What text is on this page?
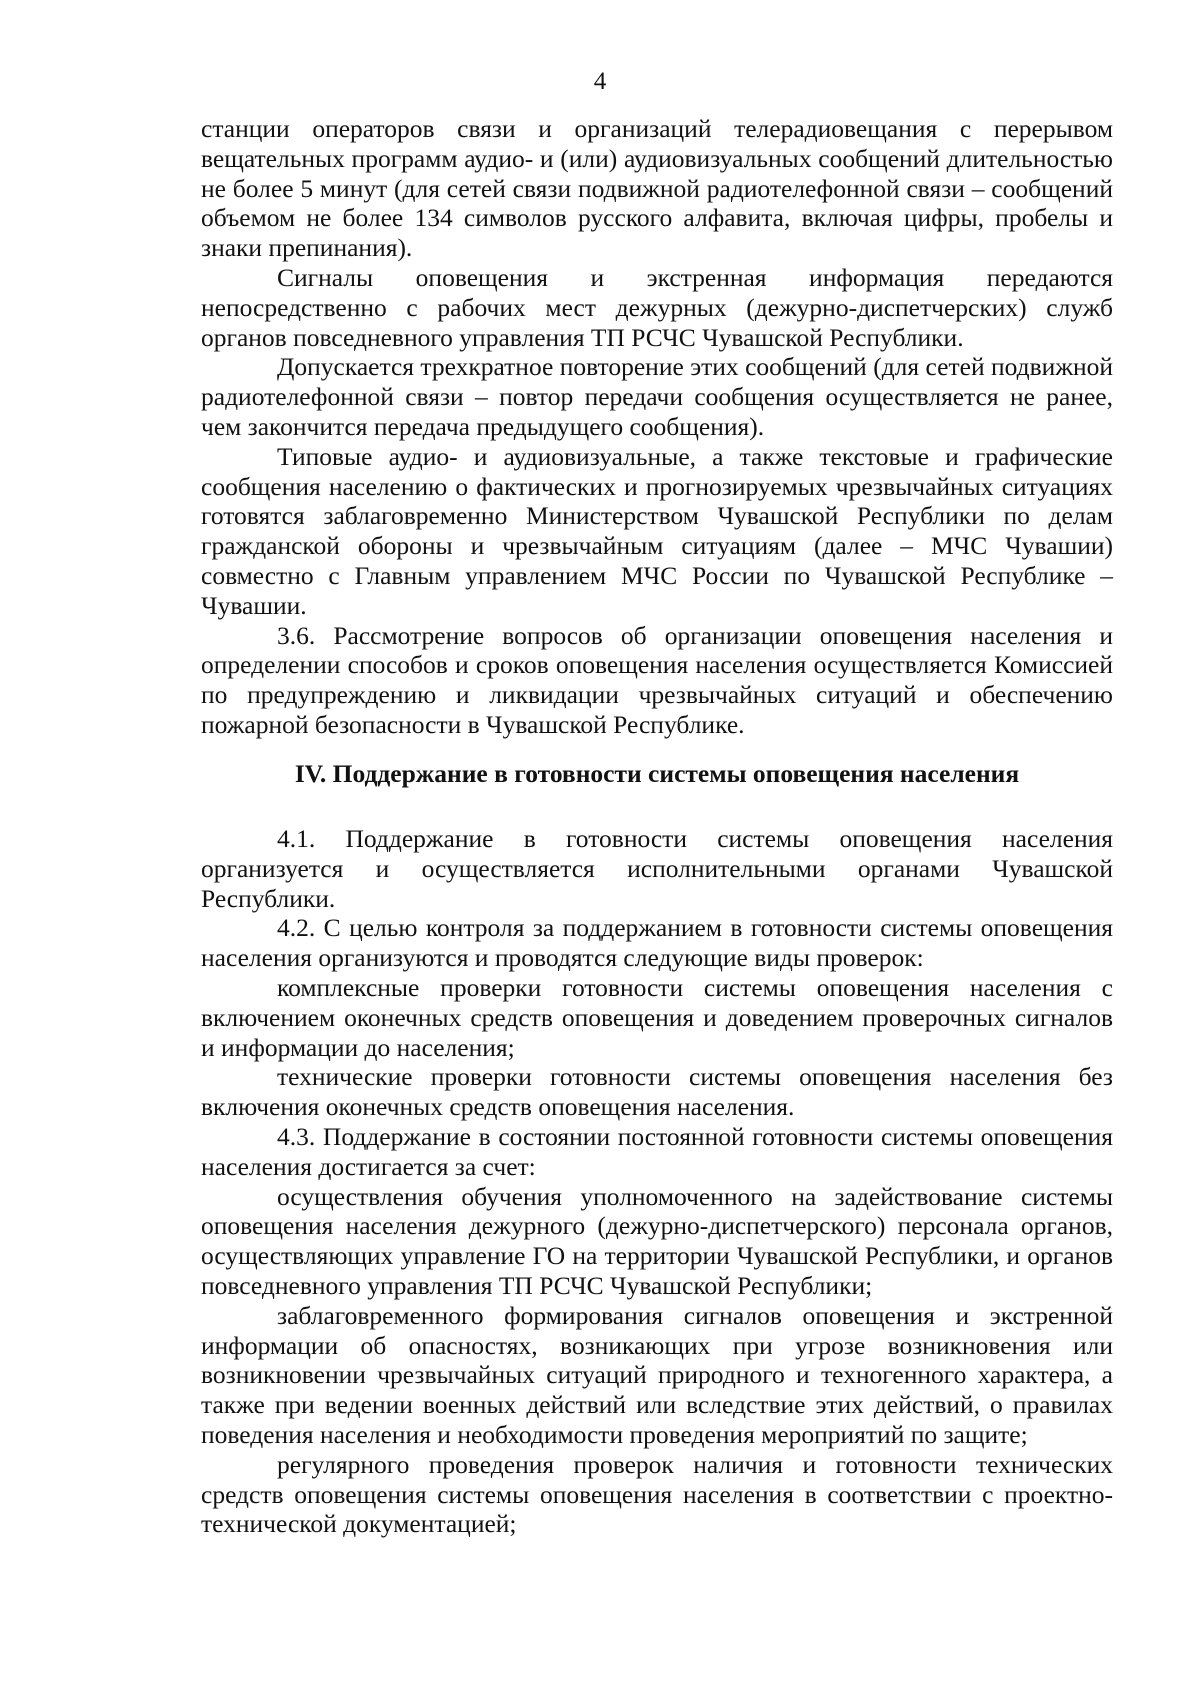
4

станции операторов связи и организаций телерадиовещания с перерывом вещательных программ аудио- и (или) аудиовизуальных сообщений длительностью не более 5 минут (для сетей связи подвижной радиотелефонной связи – сообщений объемом не более 134 символов русского алфавита, включая цифры, пробелы и знаки препинания).

Сигналы оповещения и экстренная информация передаются непосредственно с рабочих мест дежурных (дежурно-диспетчерских) служб органов повседневного управления ТП РСЧС Чувашской Республики.

Допускается трехкратное повторение этих сообщений (для сетей подвижной радиотелефонной связи – повтор передачи сообщения осуществляется не ранее, чем закончится передача предыдущего сообщения).

Типовые аудио- и аудиовизуальные, а также текстовые и графические сообщения населению о фактических и прогнозируемых чрезвычайных ситуациях готовятся заблаговременно Министерством Чувашской Республики по делам гражданской обороны и чрезвычайным ситуациям (далее – МЧС Чувашии) совместно с Главным управлением МЧС России по Чувашской Республике – Чувашии.

3.6. Рассмотрение вопросов об организации оповещения населения и определении способов и сроков оповещения населения осуществляется Комиссией по предупреждению и ликвидации чрезвычайных ситуаций и обеспечению пожарной безопасности в Чувашской Республике.

IV. Поддержание в готовности системы оповещения населения

4.1. Поддержание в готовности системы оповещения населения организуется и осуществляется исполнительными органами Чувашской Республики.

4.2. С целью контроля за поддержанием в готовности системы оповещения населения организуются и проводятся следующие виды проверок:

комплексные проверки готовности системы оповещения населения с включением оконечных средств оповещения и доведением проверочных сигналов и информации до населения;

технические проверки готовности системы оповещения населения без включения оконечных средств оповещения населения.

4.3. Поддержание в состоянии постоянной готовности системы оповещения населения достигается за счет:

осуществления обучения уполномоченного на задействование системы оповещения населения дежурного (дежурно-диспетчерского) персонала органов, осуществляющих управление ГО на территории Чувашской Республики, и органов повседневного управления ТП РСЧС Чувашской Республики;

заблаговременного формирования сигналов оповещения и экстренной информации об опасностях, возникающих при угрозе возникновения или возникновении чрезвычайных ситуаций природного и техногенного характера, а также при ведении военных действий или вследствие этих действий, о правилах поведения населения и необходимости проведения мероприятий по защите;

регулярного проведения проверок наличия и готовности технических средств оповещения системы оповещения населения в соответствии с проектно-технической документацией;
